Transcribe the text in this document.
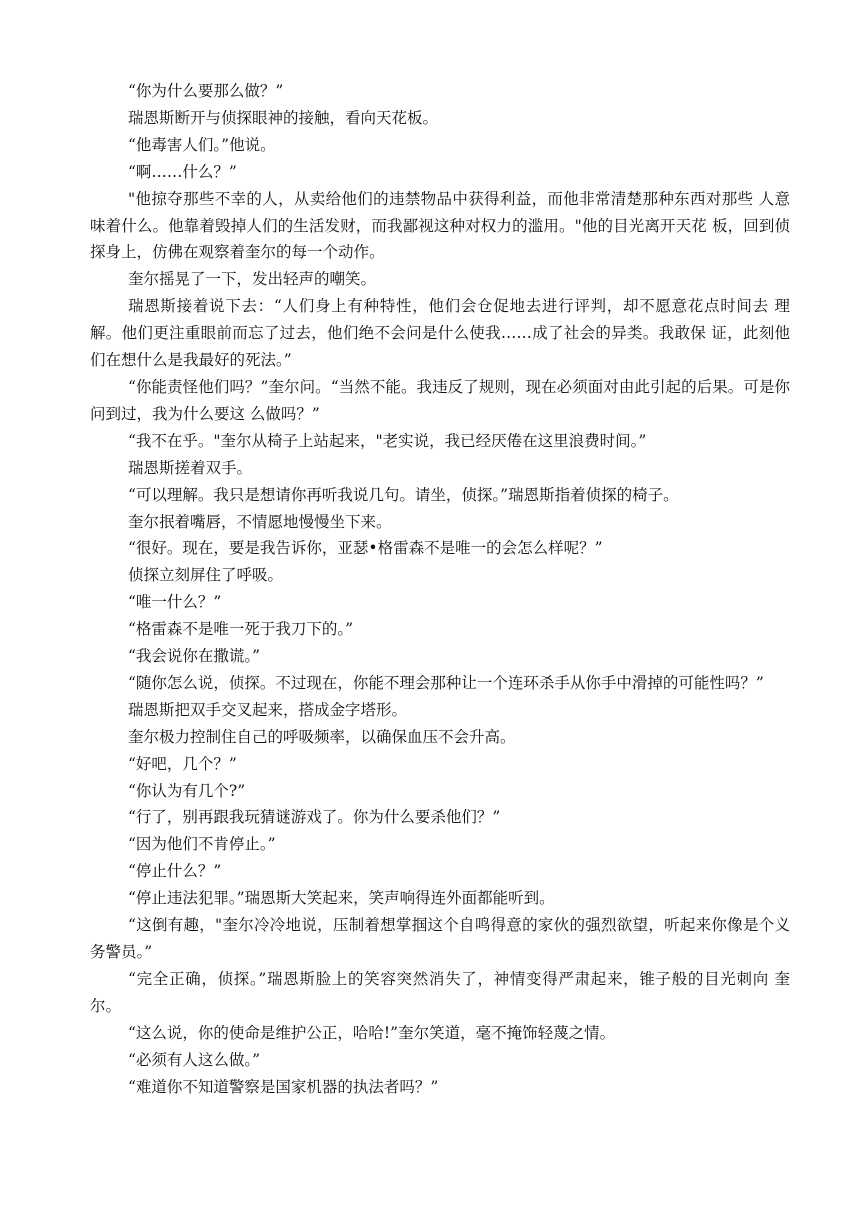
“你为什么要那么做？”

瑞恩斯断开与侦探眼神的接触，看向天花板。

“他毒害人们。”他说。

“啊……什么？”

"他掠夺那些不幸的人，从卖给他们的违禁物品中获得利益，而他非常清楚那种东西对那些 人意味着什么。他靠着毁掉人们的生活发财，而我鄙视这种对权力的滥用。"他的目光离开天花 板，回到侦探身上，仿佛在观察着奎尔的每一个动作。

奎尔摇晃了一下，发出轻声的嘲笑。

瑞恩斯接着说下去：“人们身上有种特性，他们会仓促地去进行评判，却不愿意花点时间去 理解。他们更注重眼前而忘了过去，他们绝不会问是什么使我……成了社会的异类。我敢保 证，此刻他们在想什么是我最好的死法。”

“你能责怪他们吗？”奎尔问。“当然不能。我违反了规则，现在必须面对由此引起的后果。可是你问到过，我为什么要这 么做吗？”

“我不在乎。"奎尔从椅子上站起来，"老实说，我已经厌倦在这里浪费时间。”

瑞恩斯搓着双手。

“可以理解。我只是想请你再听我说几句。请坐，侦探。”瑞恩斯指着侦探的椅子。

奎尔抿着嘴唇，不情愿地慢慢坐下来。

“很好。现在，要是我告诉你，亚瑟•格雷森不是唯一的会怎么样呢？”

侦探立刻屏住了呼吸。

“唯一什么？”

“格雷森不是唯一死于我刀下的。”

“我会说你在撒谎。”

“随你怎么说，侦探。不过现在，你能不理会那种让一个连环杀手从你手中滑掉的可能性吗？”

瑞恩斯把双手交叉起来，搭成金字塔形。

奎尔极力控制住自己的呼吸频率，以确保血压不会升高。

“好吧，几个？”

“你认为有几个?”

“行了，别再跟我玩猜谜游戏了。你为什么要杀他们？”

“因为他们不肯停止。”

“停止什么？”

“停止违法犯罪。”瑞恩斯大笑起来，笑声响得连外面都能听到。

“这倒有趣，"奎尔冷冷地说，压制着想掌掴这个自鸣得意的家伙的强烈欲望，听起来你像是个义务警员。”

“完全正确，侦探。”瑞恩斯脸上的笑容突然消失了，神情变得严肃起来，锥子般的目光刺向 奎尔。

“这么说，你的使命是维护公正，哈哈!”奎尔笑道，毫不掩饰轻蔑之情。

“必须有人这么做。”

“难道你不知道警察是国家机器的执法者吗？”
